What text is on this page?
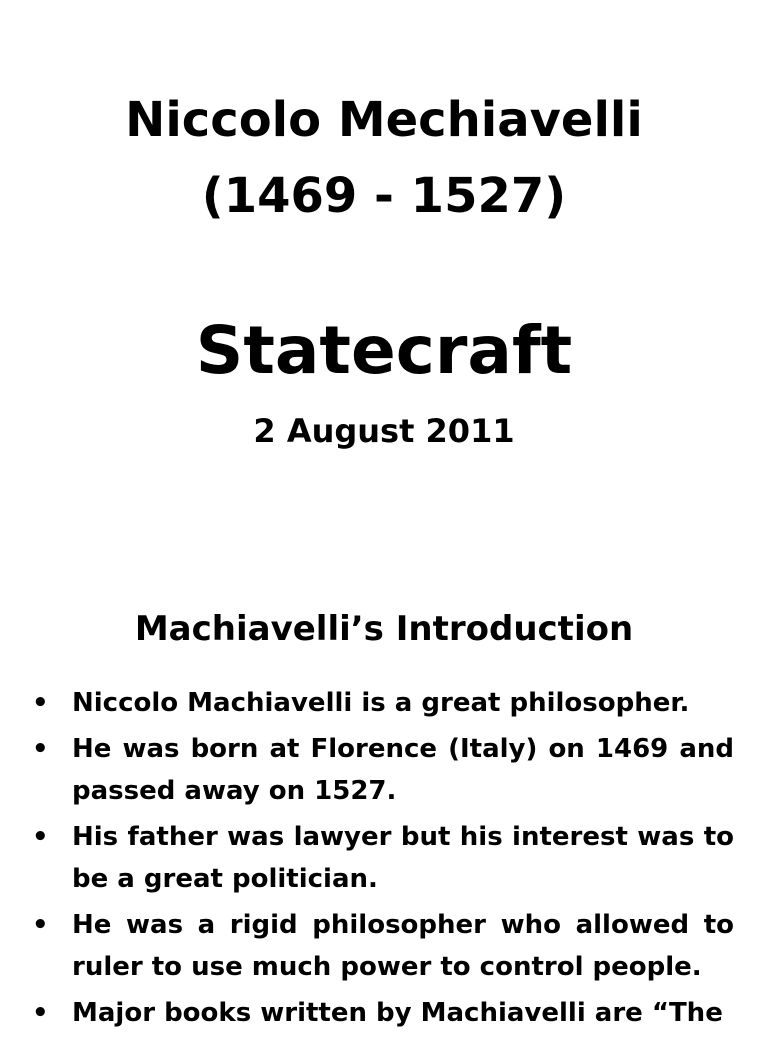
Niccolo Mechiavelli
(1469 - 1527)
Statecraft
2 August 2011
Machiavelli’s Introduction
• Niccolo Machiavelli is a great philosopher.
• He was born at Florence (Italy) on 1469 and passed away on 1527.
• His father was lawyer but his interest was to be a great politician.
• He was a rigid philosopher who allowed to ruler to use much power to control people.
• Major books written by Machiavelli are “The
